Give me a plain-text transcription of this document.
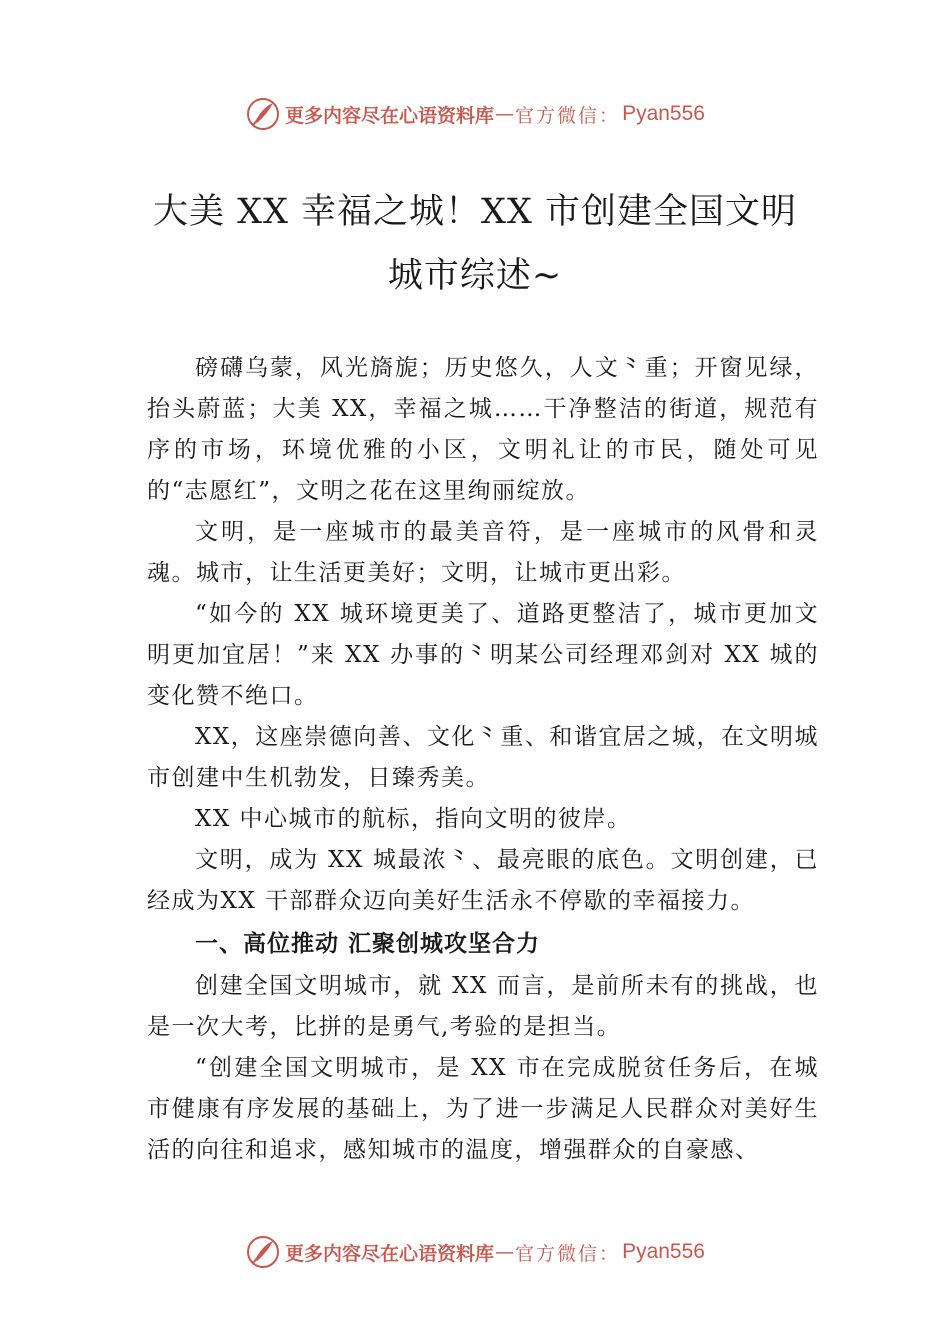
更多内容尽在心语资料库 — 官方微信： Pyan556
大美 XX 幸福之城！XX 市创建全国文明
城市综述~

磅礴乌蒙，风光旖旎；历史悠久，人文⺀重；开窗见绿，抬头蔚蓝；大美 XX，幸福之城……干净整洁的街道，规范有序的市场，环境优雅的小区，文明礼让的市民，随处可见的“志愿红”，文明之花在这里绚丽绽放。

文明，是一座城市的最美音符，是一座城市的风骨和灵魂。城市，让生活更美好；文明，让城市更出彩。

“如今的 XX 城环境更美了、道路更整洁了，城市更加文明更加宜居！”来 XX 办事的⺀明某公司经理邓剑对 XX 城的变化赞不绝口。

XX，这座崇德向善、文化⺀重、和谐宜居之城，在文明城市创建中生机勃发，日臻秀美。

XX 中心城市的航标，指向文明的彼岸。

文明，成为 XX 城最浓⺀、最亮眼的底色。文明创建，已经成为XX 干部群众迈向美好生活永不停歇的幸福接力。

一、高位推动 汇聚创城攻坚合力

创建全国文明城市，就 XX 而言，是前所未有的挑战，也是一次大考，比拼的是勇气,考验的是担当。

“创建全国文明城市，是 XX 市在完成脱贫任务后，在城市健康有序发展的基础上，为了进一步满足人民群众对美好生活的向往和追求，感知城市的温度，增强群众的自豪感、

更多内容尽在心语资料库 — 官方微信： Pyan556
